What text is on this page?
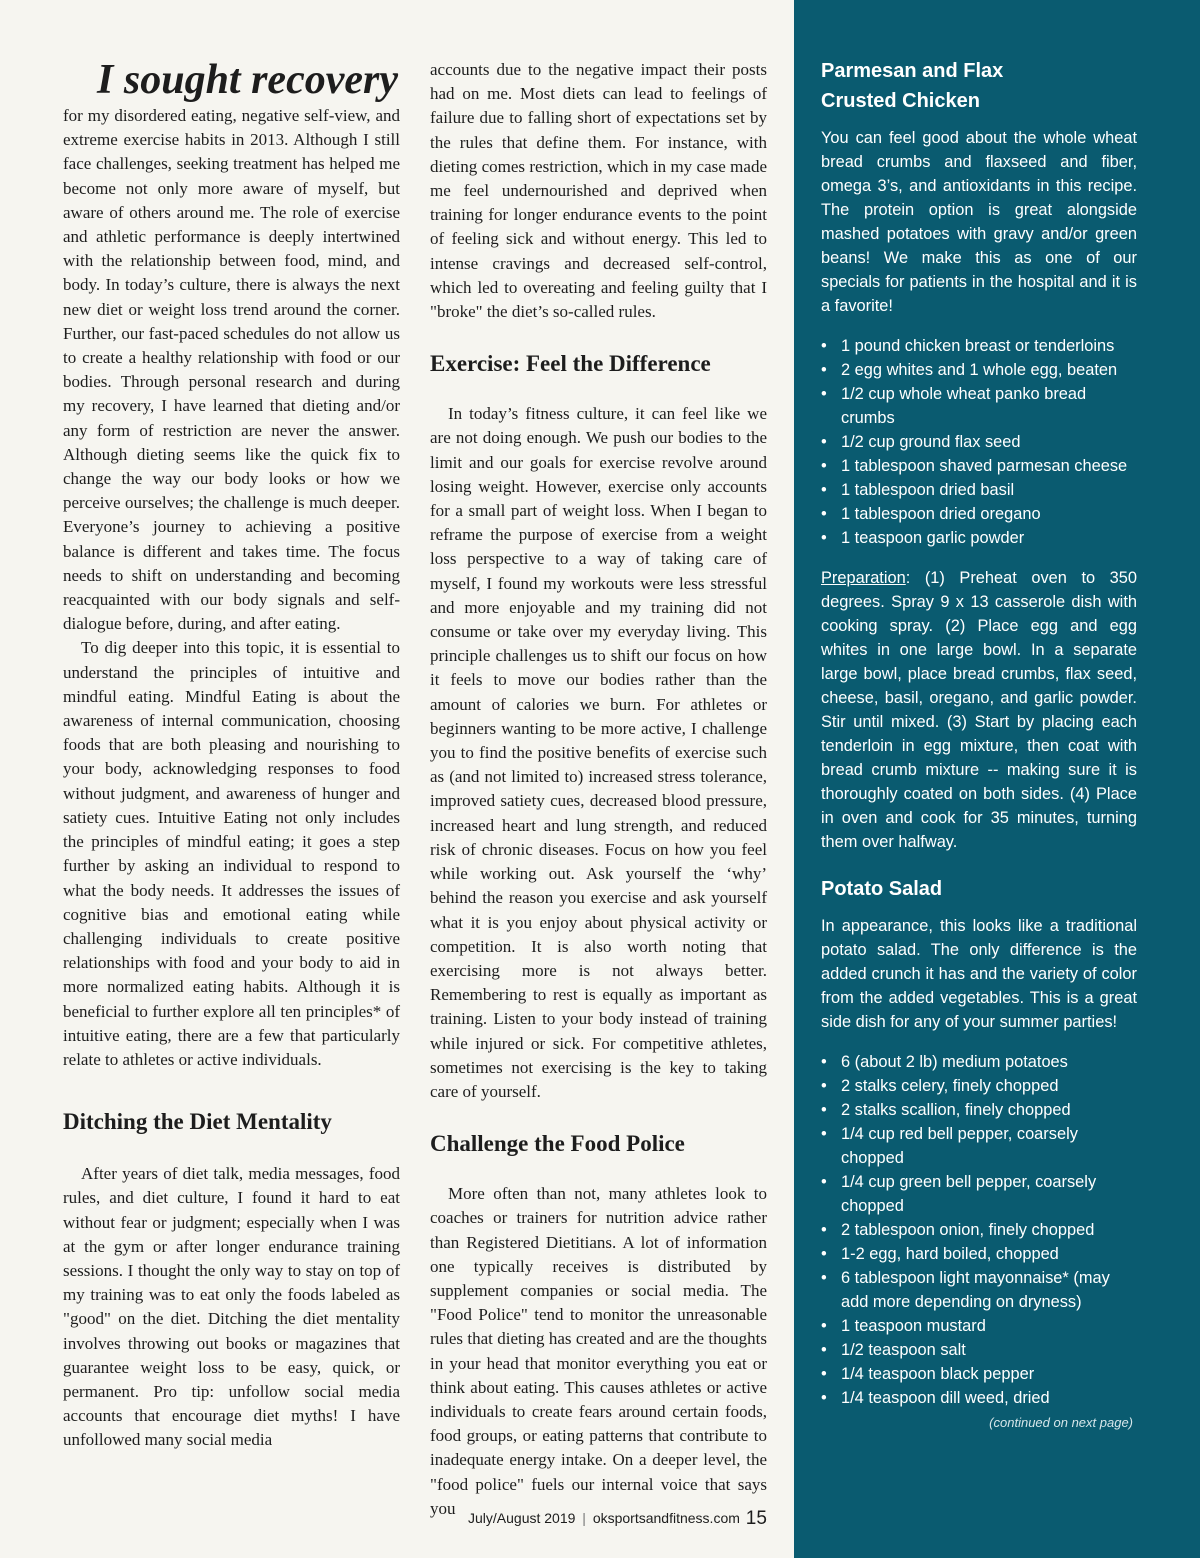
I sought recovery

for my disordered eating, negative self-view, and extreme exercise habits in 2013. Although I still face challenges, seeking treatment has helped me become not only more aware of myself, but aware of others around me. The role of exercise and athletic performance is deeply intertwined with the relationship between food, mind, and body. In today’s culture, there is always the next new diet or weight loss trend around the corner. Further, our fast-paced schedules do not allow us to create a healthy relationship with food or our bodies. Through personal research and during my recovery, I have learned that dieting and/or any form of restriction are never the answer. Although dieting seems like the quick fix to change the way our body looks or how we perceive ourselves; the challenge is much deeper. Everyone’s journey to achieving a positive balance is different and takes time. The focus needs to shift on understanding and becoming reacquainted with our body signals and self-dialogue before, during, and after eating.

To dig deeper into this topic, it is essential to understand the principles of intuitive and mindful eating. Mindful Eating is about the awareness of internal communication, choosing foods that are both pleasing and nourishing to your body, acknowledging responses to food without judgment, and awareness of hunger and satiety cues. Intuitive Eating not only includes the principles of mindful eating; it goes a step further by asking an individual to respond to what the body needs. It addresses the issues of cognitive bias and emotional eating while challenging individuals to create positive relationships with food and your body to aid in more normalized eating habits. Although it is beneficial to further explore all ten principles* of intuitive eating, there are a few that particularly relate to athletes or active individuals.

Ditching the Diet Mentality

After years of diet talk, media messages, food rules, and diet culture, I found it hard to eat without fear or judgment; especially when I was at the gym or after longer endurance training sessions. I thought the only way to stay on top of my training was to eat only the foods labeled as "good" on the diet. Ditching the diet mentality involves throwing out books or magazines that guarantee weight loss to be easy, quick, or permanent. Pro tip: unfollow social media accounts that encourage diet myths! I have unfollowed many social media

accounts due to the negative impact their posts had on me. Most diets can lead to feelings of failure due to falling short of expectations set by the rules that define them. For instance, with dieting comes restriction, which in my case made me feel undernourished and deprived when training for longer endurance events to the point of feeling sick and without energy. This led to intense cravings and decreased self-control, which led to overeating and feeling guilty that I "broke" the diet’s so-called rules.

Exercise: Feel the Difference

In today’s fitness culture, it can feel like we are not doing enough. We push our bodies to the limit and our goals for exercise revolve around losing weight. However, exercise only accounts for a small part of weight loss. When I began to reframe the purpose of exercise from a weight loss perspective to a way of taking care of myself, I found my workouts were less stressful and more enjoyable and my training did not consume or take over my everyday living. This principle challenges us to shift our focus on how it feels to move our bodies rather than the amount of calories we burn. For athletes or beginners wanting to be more active, I challenge you to find the positive benefits of exercise such as (and not limited to) increased stress tolerance, improved satiety cues, decreased blood pressure, increased heart and lung strength, and reduced risk of chronic diseases. Focus on how you feel while working out. Ask yourself the ‘why’ behind the reason you exercise and ask yourself what it is you enjoy about physical activity or competition. It is also worth noting that exercising more is not always better. Remembering to rest is equally as important as training. Listen to your body instead of training while injured or sick. For competitive athletes, sometimes not exercising is the key to taking care of yourself.

Challenge the Food Police

More often than not, many athletes look to coaches or trainers for nutrition advice rather than Registered Dietitians. A lot of information one typically receives is distributed by supplement companies or social media. The "Food Police" tend to monitor the unreasonable rules that dieting has created and are the thoughts in your head that monitor everything you eat or think about eating. This causes athletes or active individuals to create fears around certain foods, food groups, or eating patterns that contribute to inadequate energy intake. On a deeper level, the "food police" fuels our internal voice that says you

July/August 2019 | oksportsandfitness.com 15
Parmesan and Flax
Crusted Chicken

You can feel good about the whole wheat bread crumbs and flaxseed and fiber, omega 3’s, and antioxidants in this recipe. The protein option is great alongside mashed potatoes with gravy and/or green beans! We make this as one of our specials for patients in the hospital and it is a favorite!

• 1 pound chicken breast or tenderloins
• 2 egg whites and 1 whole egg, beaten
• 1/2 cup whole wheat panko bread crumbs
• 1/2 cup ground flax seed
• 1 tablespoon shaved parmesan cheese
• 1 tablespoon dried basil
• 1 tablespoon dried oregano
• 1 teaspoon garlic powder

Preparation: (1) Preheat oven to 350 degrees. Spray 9 x 13 casserole dish with cooking spray. (2) Place egg and egg whites in one large bowl. In a separate large bowl, place bread crumbs, flax seed, cheese, basil, oregano, and garlic powder. Stir until mixed. (3) Start by placing each tenderloin in egg mixture, then coat with bread crumb mixture -- making sure it is thoroughly coated on both sides. (4) Place in oven and cook for 35 minutes, turning them over halfway.

Potato Salad

In appearance, this looks like a traditional potato salad. The only difference is the added crunch it has and the variety of color from the added vegetables. This is a great side dish for any of your summer parties!

• 6 (about 2 lb) medium potatoes
• 2 stalks celery, finely chopped
• 2 stalks scallion, finely chopped
• 1/4 cup red bell pepper, coarsely chopped
• 1/4 cup green bell pepper, coarsely chopped
• 2 tablespoon onion, finely chopped
• 1-2 egg, hard boiled, chopped
• 6 tablespoon light mayonnaise* (may add more depending on dryness)
• 1 teaspoon mustard
• 1/2 teaspoon salt
• 1/4 teaspoon black pepper
• 1/4 teaspoon dill weed, dried
(continued on next page)
